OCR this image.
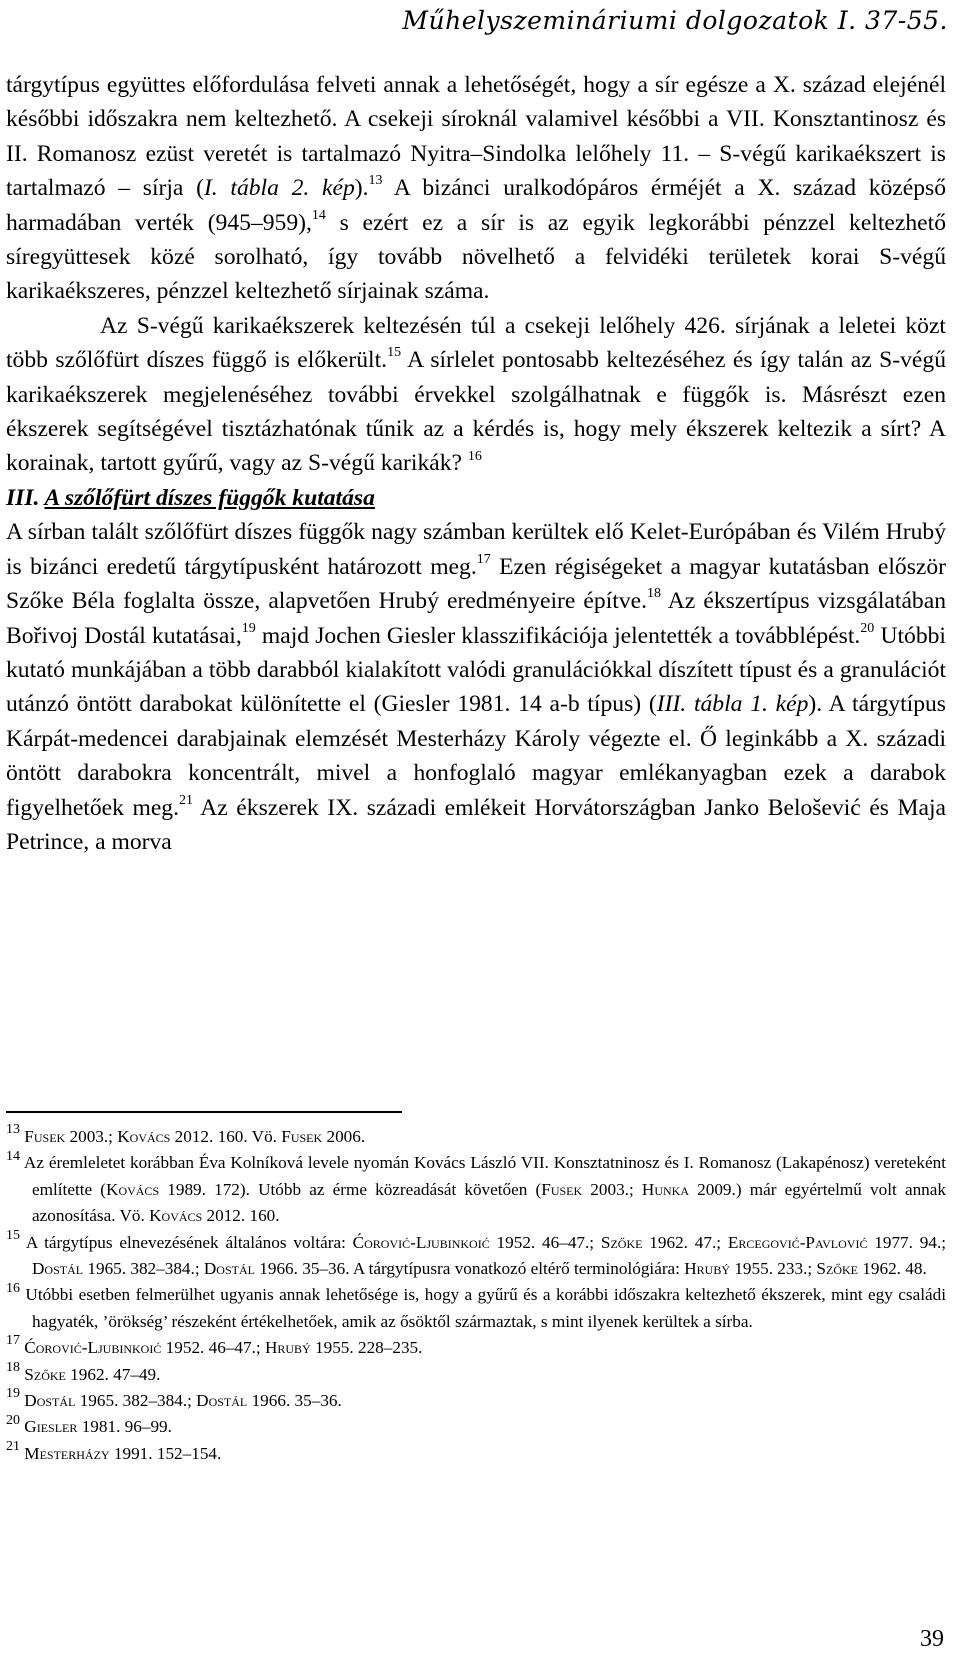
Műhelyszemináriumi dolgozatok I. 37-55.

tárgytípus együttes előfordulása felveti annak a lehetőségét, hogy a sír egésze a X. század elejénél későbbi időszakra nem keltezhető. A csekeji síroknál valamivel későbbi a VII. Konsztantinosz és II. Romanosz ezüst veretét is tartalmazó Nyitra–Sindolka lelőhely 11. – S-végű karikaékszert is tartalmazó – sírja (I. tábla 2. kép).$^{13}$ A bizánci uralkodópáros érméjét a X. század középső harmadában verték (945–959),$^{14}$ s ezért ez a sír is az egyik legkorábbi pénzzel keltezhető síregyüttesek közé sorolható, így tovább növelhető a felvidéki területek korai S-végű karikaékszeres, pénzzel keltezhető sírjainak száma.

Az S-végű karikaékszerek keltezésén túl a csekeji lelőhely 426. sírjának a leletei közt több szőlőfürt díszes függő is előkerült.$^{15}$ A sírlelet pontosabb keltezéséhez és így talán az S-végű karikaékszerek megjelenéséhez további érvekkel szolgálhatnak e függők is. Másrészt ezen ékszerek segítségével tisztázhatónak tűnik az a kérdés is, hogy mely ékszerek keltezik a sírt? A korainak, tartott gyűrű, vagy az S-végű karikák? $^{16}$

III. A szőlőfürt díszes függők kutatása

A sírban talált szőlőfürt díszes függők nagy számban kerültek elő Kelet-Európában és Vilém Hrubý is bizánci eredetű tárgytípusként határozott meg.$^{17}$ Ezen régiségeket a magyar kutatásban először Szőke Béla foglalta össze, alapvetően Hrubý eredményeire építve.$^{18}$ Az ékszertípus vizsgálatában Bořivoj Dostál kutatásai,$^{19}$ majd Jochen Giesler klasszifikációja jelentették a továbblépést.$^{20}$ Utóbbi kutató munkájában a több darabból kialakított valódi granulációkkal díszített típust és a granulációt utánzó öntött darabokat különítette el (Giesler 1981. 14 a-b típus) (III. tábla 1. kép). A tárgytípus Kárpát-medencei darabjainak elemzését Mesterházy Károly végezte el. Ő leginkább a X. századi öntött darabokra koncentrált, mivel a honfoglaló magyar emlékanyagban ezek a darabok figyelhetőek meg.$^{21}$ Az ékszerek IX. századi emlékeit Horvátországban Janko Belošević és Maja Petrince, a morva

$^{13}$ Fusek 2003.; Kovács 2012. 160. Vö. Fusek 2006.

$^{14}$ Az éremleletet korábban Éva Kolníková levele nyomán Kovács László VII. Konsztatninosz és I. Romanosz (Lakapénosz) vereteként említette (Kovács 1989. 172). Utóbb az érme közreadását követően (Fusek 2003.; Hunka 2009.) már egyértelmű volt annak azonosítása. Vö. Kovács 2012. 160.

$^{15}$ A tárgytípus elnevezésének általános voltára: Ćorović-Ljubinkoić 1952. 46–47.; Szőke 1962. 47.; Ercegović-Pavlović 1977. 94.; Dostál 1965. 382–384.; Dostál 1966. 35–36. A tárgytípusra vonatkozó eltérő terminológiára: Hrubý 1955. 233.; Szőke 1962. 48.

$^{16}$ Utóbbi esetben felmerülhet ugyanis annak lehetősége is, hogy a gyűrű és a korábbi időszakra keltezhető ékszerek, mint egy családi hagyaték, ’örökség’ részeként értékelhetőek, amik az ősöktől származtak, s mint ilyenek kerültek a sírba.

$^{17}$ Ćorović-Ljubinkoić 1952. 46–47.; Hrubý 1955. 228–235.

$^{18}$ Szőke 1962. 47–49.

$^{19}$ Dostál 1965. 382–384.; Dostál 1966. 35–36.

$^{20}$ Giesler 1981. 96–99.

$^{21}$ Mesterházy 1991. 152–154.

39
